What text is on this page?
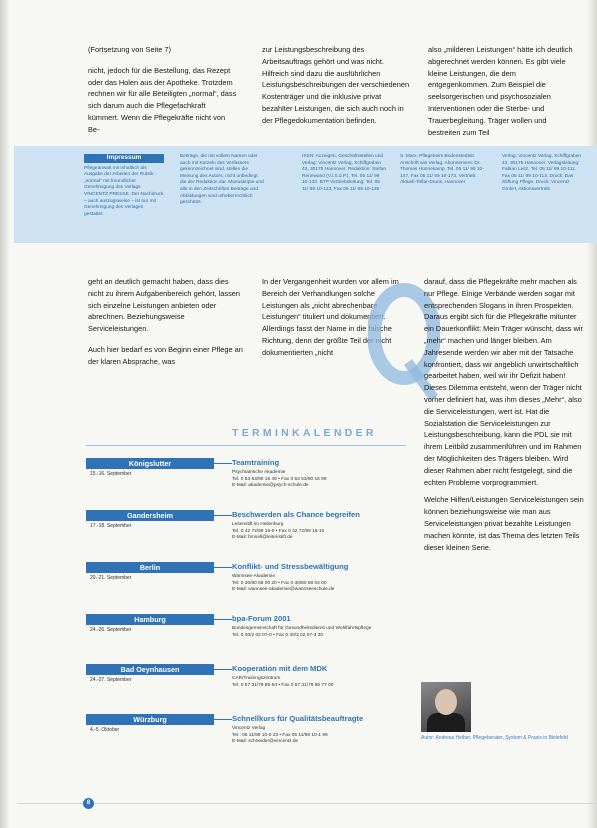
(Fortsetzung von Seite 7)

nicht, jedoch für die Bestellung, das Rezept oder das Holen aus der Apotheke. Trotzdem rechnen wir für alle Beteiligten „normal“, dass sich darum auch die Pflegefachkraft kümmert. Wenn die Pflegekräfte nicht von Be-

zur Leistungsbeschreibung des Arbeitsauftrags gehört und was nicht. Hilfreich sind dazu die ausführlichen Leistungsbeschreibungen der verschiedenen Kostenträger und die inklusive privat bezahlter Leistungen, die sich auch noch in der Pflegedokumentation befinden.

also „milderen Leistungen“ hätte ich deutlich abgerechnet werden können. Es gibt viele kleine Leistungen, die dem entgegenkommen. Zum Beispiel die seelsorgerischen und psychosozialen Interventionen oder die Sterbe- und Trauerbegleitung. Träger wollen und bestreiten zum Teil

Impressum
Pflegeanwalt mit inhaltlich als Ausgabe der Arbeiten der Rubrik „normal“ mit freundlicher Genehmigung des Verlags VINCENTZ PRESSE. Der Nachdruck – auch auszugsweise – ist nur mit Genehmigung des Verlages gestattet.
Beiträge, die mit vollem Namen oder auch mit Kürzeln des Verfassers gekennzeichnet sind, stellen die Meinung des Autors, nicht unbedingt die der Redaktion dar. Manuskripte und alle in den Zeitschriften Beiträge und Abbildungen sind urheberrechtlich geschützt.
ISSN: Anzeigen, Geschäftsstellen und Verlag: Vincentz Verlag, Schiffgraben 43, 30175 Hannover. Redaktion: Stefan Rennwand (V.i.S.d.P.), Tel. 05 11/ 99 10-133. BTP Vertriebsleitung: Tel. 05 11/ 99 10-123, Fax 05 11/ 99 10-139
S. Marx, Pflegeheim Bodenstedtstr. Anschrift wie Verlag. Abonnement: Dr. Thomas Hünnekamp, Tel. 05 11/ 99 10-147, Fax 05 11/ 99 10-173. Vertrieb: Aktuell-Telfar-Druck, Hannover
Verlag: Vincentz Verlag, Schiffgraben 43, 30175 Hannover. Verlagsleitung: Fabian Leitz, Tel. 05 11/ 99 10-111, Fax 05 11/ 99 10-113. Druck: Das Stiftung Pflege, Druck: Vincentz GmbH, Aktionsvertrieb

geht an deutlich gemacht haben, dass dies nicht zu ihrem Aufgabenbereich gehört, lassen sich einzelne Leistungen anbieten oder abrechnen. Beziehungsweise Serviceleistungen.

Auch hier bedarf es von Beginn einer Pflege an der klaren Absprache, was

In der Vergangenheit wurden vor allem im Bereich der Verhandlungen solche Leistungen als „nicht abrechenbare Leistungen“ tituliert und dokumentiert. Allerdings fasst der Name in die falsche Richtung, denn der größte Teil der nicht dokumentierten „nicht

darauf, dass die Pflegekräfte mehr machen als nur Pflege. Einige Verbände werden sogar mit entsprechenden Slogans in ihren Prospekten. Daraus ergibt sich für die Pflegekräfte mitunter ein Dauerkonflikt: Mein Träger wünscht, dass wir „mehr“ machen und länger bleiben. Am Jahresende werden wir aber mit der Tatsache konfrontiert, dass wir angeblich unwirtschaftlich gearbeitet haben, weil wir ihr Defizit haben! Dieses Dilemma entsteht, wenn der Träger nicht vorher definiert hat, was ihm dieses „Mehr“, also die Serviceleistungen, wert ist. Hat die Sozialstation die Serviceleistungen zur Leistungsbeschreibung, kann die PDL sie mit ihrem Leitbild zusammenführen und im Rahmen der Möglichkeiten des Trägers bleiben. Wird dieser Rahmen aber nicht festgelegt, sind die echten Probleme vorprogrammiert.

Welche Hilfen/Leistungen Serviceleistungen sein können beziehungsweise wie man aus Serviceleistungen privat bezahlte Leistungen machen könnte, ist das Thema des letzten Teils dieser kleinen Serie.

TERMINKALENDER
Königslutter
15.-16. September
Teamtraining
Psychiatrische Akademie
Tel. 0 53 53/90 16 49 • Fax 0 53 53/90 16 99
E-Mail: akademie@psych-schule.de
Gandersheim
17.-18. September
Beschwerden als Chance begreifen
Leitenstift im Heilenburg
Tel. 0 42 72/99 16-0 • Fax 0 42 72/99 16-10
E-Mail: bmsell@leitenstift.de
Berlin
20.-21. September
Konflikt- und Stressbewältigung
Wannsee-Akademie
Tel. 0 30/80 68 00 20 • Fax 0 30/80 68 04 00
E-Mail: wannsee-akademie@wannseeschule.de
Hamburg
24.-26. September
bpa-Forum 2001
Bundesgemeinschaft für Gesundheitsdienst und Wohlfahrtspflege
Tel. 0 40/2 02 07-0 • Fax 0 40/2 02 07-3 30
Bad Oeynhausen
24.-27. September
Kooperation mit dem MDK
CAR/Trainingszentrum
Tel. 0 57 31/79 85-94 • Fax 0 57 31/79 85 77 00
Würzburg
4.-5. Oktober
Schnellkurs für Qualitätsbeauftragte
Vincentz Verlag
Tel.: 05 11/99 10-0 23 • Fax 05 11/99 10-1 99
E-Mail: schneider@vincentz.de
Autor: Andreas Heiber, Pflegeberater, System & Praxis in Bielefeld
8
